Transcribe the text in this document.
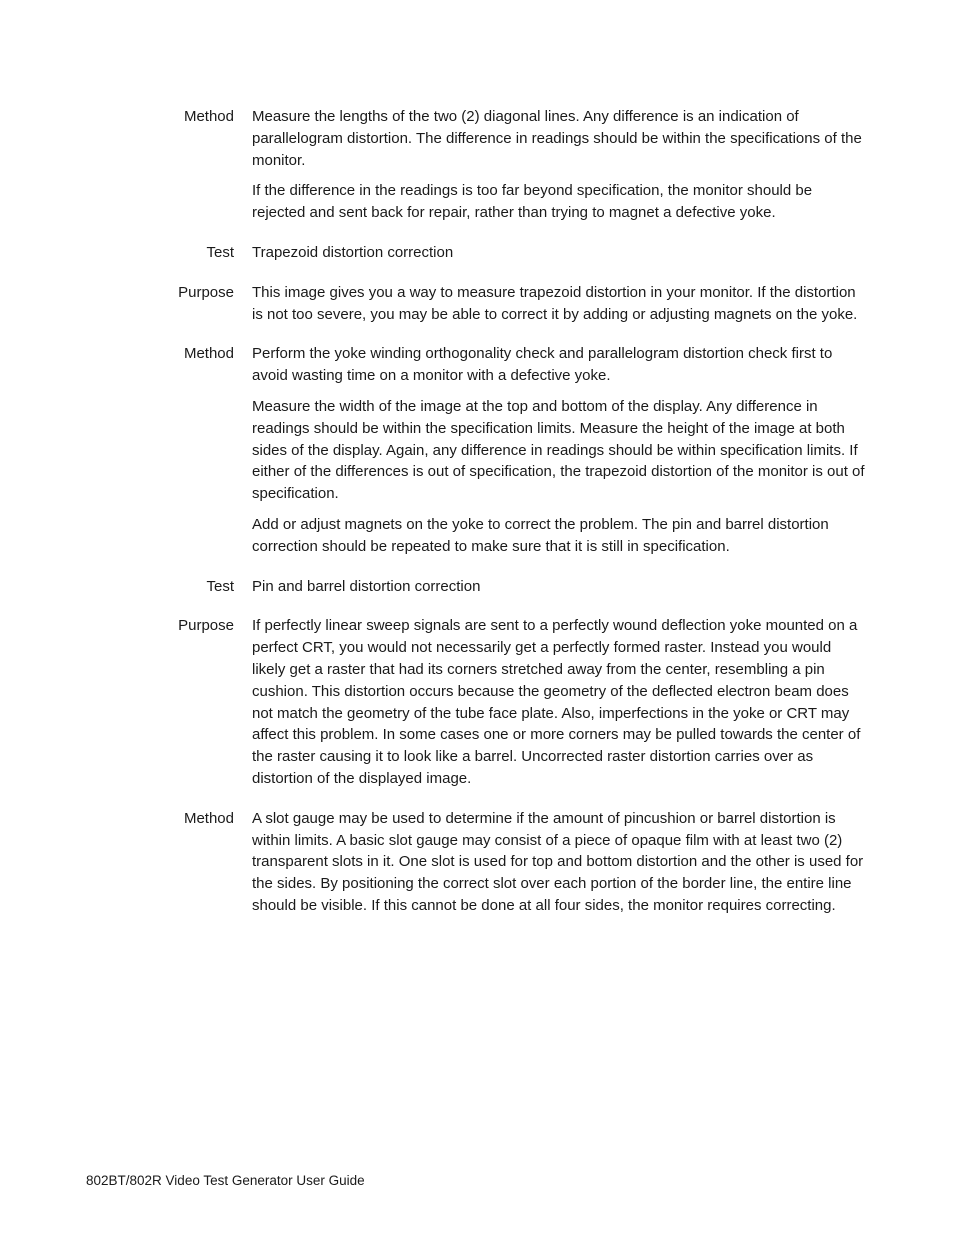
Method Measure the lengths of the two (2) diagonal lines. Any difference is an indication of parallelogram distortion. The difference in readings should be within the specifications of the monitor.

If the difference in the readings is too far beyond specification, the monitor should be rejected and sent back for repair, rather than trying to magnet a defective yoke.

Test Trapezoid distortion correction

Purpose This image gives you a way to measure trapezoid distortion in your monitor. If the distortion is not too severe, you may be able to correct it by adding or adjusting magnets on the yoke.

Method Perform the yoke winding orthogonality check and parallelogram distortion check first to avoid wasting time on a monitor with a defective yoke.

Measure the width of the image at the top and bottom of the display. Any difference in readings should be within the specification limits. Measure the height of the image at both sides of the display. Again, any difference in readings should be within specification limits. If either of the differences is out of specification, the trapezoid distortion of the monitor is out of specification.

Add or adjust magnets on the yoke to correct the problem. The pin and barrel distortion correction should be repeated to make sure that it is still in specification.

Test Pin and barrel distortion correction

Purpose If perfectly linear sweep signals are sent to a perfectly wound deflection yoke mounted on a perfect CRT, you would not necessarily get a perfectly formed raster. Instead you would likely get a raster that had its corners stretched away from the center, resembling a pin cushion. This distortion occurs because the geometry of the deflected electron beam does not match the geometry of the tube face plate. Also, imperfections in the yoke or CRT may affect this problem. In some cases one or more corners may be pulled towards the center of the raster causing it to look like a barrel. Uncorrected raster distortion carries over as distortion of the displayed image.

Method A slot gauge may be used to determine if the amount of pincushion or barrel distortion is within limits. A basic slot gauge may consist of a piece of opaque film with at least two (2) transparent slots in it. One slot is used for top and bottom distortion and the other is used for the sides. By positioning the correct slot over each portion of the border line, the entire line should be visible. If this cannot be done at all four sides, the monitor requires correcting.

802BT/802R Video Test Generator User Guide
